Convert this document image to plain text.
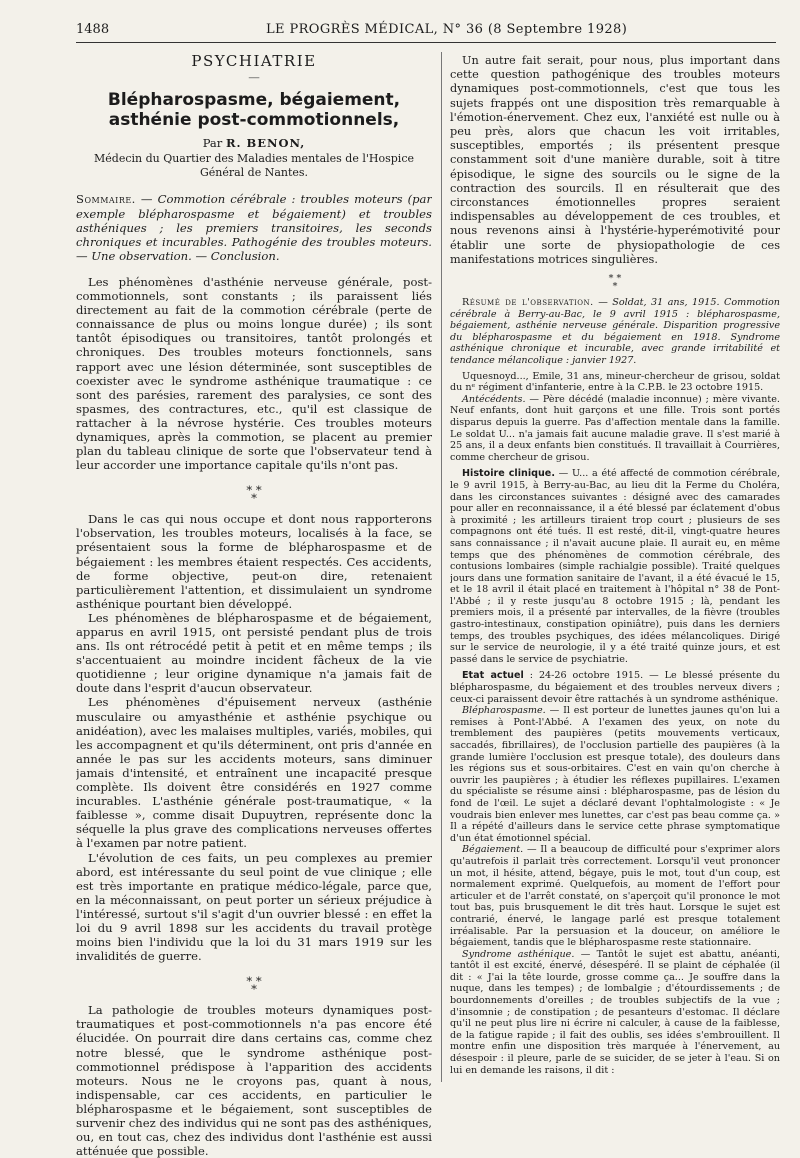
1488	LE PROGRÈS MÉDICAL, N° 36 (8 Septembre 1928)

PSYCHIATRIE

—

Blépharospasme, bégaiement, asthénie post-commotionnels,

Par R. BENON,

Médecin du Quartier des Maladies mentales de l'Hospice Général de Nantes.

Sommaire. — Commotion cérébrale : troubles moteurs (par exemple blépharospasme et bégaiement) et troubles asthéniques ; les premiers transitoires, les seconds chroniques et incurables. Pathogénie des troubles moteurs. — Une observation. — Conclusion.

Les phénomènes d'asthénie nerveuse générale, post-commotionnels, sont constants ; ils paraissent liés directement au fait de la commotion cérébrale (perte de connaissance de plus ou moins longue durée) ; ils sont tantôt épisodiques ou transitoires, tantôt prolongés et chroniques. Des troubles moteurs fonctionnels, sans rapport avec une lésion déterminée, sont susceptibles de coexister avec le syndrome asthénique traumatique : ce sont des parésies, rarement des paralysies, ce sont des spasmes, des contractures, etc., qu'il est classique de rattacher à la névrose hystérie. Ces troubles moteurs dynamiques, après la commotion, se placent au premier plan du tableau clinique de sorte que l'observateur tend à leur accorder une importance capitale qu'ils n'ont pas.

* *
*

Dans le cas qui nous occupe et dont nous rapporterons l'observation, les troubles moteurs, localisés à la face, se présentaient sous la forme de blépharospasme et de bégaiement : les membres étaient respectés. Ces accidents, de forme objective, peut-on dire, retenaient particulièrement l'attention, et dissimulaient un syndrome asthénique pourtant bien développé.

Les phénomènes de blépharospasme et de bégaiement, apparus en avril 1915, ont persisté pendant plus de trois ans. Ils ont rétrocédé petit à petit et en même temps ; ils s'accentuaient au moindre incident fâcheux de la vie quotidienne ; leur origine dynamique n'a jamais fait de doute dans l'esprit d'aucun observateur.

Les phénomènes d'épuisement nerveux (asthénie musculaire ou amyasthénie et asthénie psychique ou anidéation), avec les malaises multiples, variés, mobiles, qui les accompagnent et qu'ils déterminent, ont pris d'année en année le pas sur les accidents moteurs, sans diminuer jamais d'intensité, et entraînent une incapacité presque complète. Ils doivent être considérés en 1927 comme incurables. L'asthénie générale post-traumatique, « la faiblesse », comme disait Dupuytren, représente donc la séquelle la plus grave des complications nerveuses offertes à l'examen par notre patient.

L'évolution de ces faits, un peu complexes au premier abord, est intéressante du seul point de vue clinique ; elle est très importante en pratique médico-légale, parce que, en la méconnaissant, on peut porter un sérieux préjudice à l'intéressé, surtout s'il s'agit d'un ouvrier blessé : en effet la loi du 9 avril 1898 sur les accidents du travail protège moins bien l'individu que la loi du 31 mars 1919 sur les invalidités de guerre.

* *
*

La pathologie de troubles moteurs dynamiques post-traumatiques et post-commotionnels n'a pas encore été élucidée. On pourrait dire dans certains cas, comme chez notre blessé, que le syndrome asthénique post-commotionnel prédispose à l'apparition des accidents moteurs. Nous ne le croyons pas, quant à nous, indispensable, car ces accidents, en particulier le blépharospasme et le bégaiement, sont susceptibles de survenir chez des individus qui ne sont pas des asthéniques, ou, en tout cas, chez des individus dont l'asthénie est aussi atténuée que possible.

Un autre fait serait, pour nous, plus important dans cette question pathogénique des troubles moteurs dynamiques post-commotionnels, c'est que tous les sujets frappés ont une disposition très remarquable à l'émotion-énervement. Chez eux, l'anxiété est nulle ou à peu près, alors que chacun les voit irritables, susceptibles, emportés ; ils présentent presque constamment soit d'une manière durable, soit à titre épisodique, le signe des sourcils ou le signe de la contraction des sourcils. Il en résulterait que des circonstances émotionnelles propres seraient indispensables au développement de ces troubles, et nous revenons ainsi à l'hystérie-hyperémotivité pour établir une sorte de physiopathologie de ces manifestations motrices singulières.

* *
*

Résumé de l'observation. — Soldat, 31 ans, 1915. Commotion cérébrale à Berry-au-Bac, le 9 avril 1915 : blépharospasme, bégaiement, asthénie nerveuse générale. Disparition progressive du blépharospasme et du bégaiement en 1918. Syndrome asthénique chronique et incurable, avec grande irritabilité et tendance mélancolique : janvier 1927.

Uquesnoyd..., Emile, 31 ans, mineur-chercheur de grisou, soldat du nᵉ régiment d'infanterie, entre à la C.P.B. le 23 octobre 1915.

Antécédents. — Père décédé (maladie inconnue) ; mère vivante. Neuf enfants, dont huit garçons et une fille. Trois sont portés disparus depuis la guerre. Pas d'affection mentale dans la famille. Le soldat U... n'a jamais fait aucune maladie grave. Il s'est marié à 25 ans, il a deux enfants bien constitués. Il travaillait à Courrières, comme chercheur de grisou.

Histoire clinique. — U... a été affecté de commotion cérébrale, le 9 avril 1915, à Berry-au-Bac, au lieu dit la Ferme du Choléra, dans les circonstances suivantes : désigné avec des camarades pour aller en reconnaissance, il a été blessé par éclatement d'obus à proximité ; les artilleurs tiraient trop court ; plusieurs de ses compagnons ont été tués. Il est resté, dit-il, vingt-quatre heures sans connaissance ; il n'avait aucune plaie. Il aurait eu, en même temps que des phénomènes de commotion cérébrale, des contusions lombaires (simple rachialgie possible). Traité quelques jours dans une formation sanitaire de l'avant, il a été évacué le 15, et le 18 avril il était placé en traitement à l'hôpital n° 38 de Pont-l'Abbé ; il y reste jusqu'au 8 octobre 1915 ; là, pendant les premiers mois, il a présenté par intervalles, de la fièvre (troubles gastro-intestinaux, constipation opiniâtre), puis dans les derniers temps, des troubles psychiques, des idées mélancoliques. Dirigé sur le service de neurologie, il y a été traité quinze jours, et est passé dans le service de psychiatrie.

Etat actuel : 24-26 octobre 1915. — Le blessé présente du blépharospasme, du bégaiement et des troubles nerveux divers ; ceux-ci paraissent devoir être rattachés à un syndrome asthénique.

Blépharospasme. — Il est porteur de lunettes jaunes qu'on lui a remises à Pont-l'Abbé. A l'examen des yeux, on note du tremblement des paupières (petits mouvements verticaux, saccadés, fibrillaires), de l'occlusion partielle des paupières (à la grande lumière l'occlusion est presque totale), des douleurs dans les régions sus et sous-orbitaires. C'est en vain qu'on cherche à ouvrir les paupières ; à étudier les réflexes pupillaires. L'examen du spécialiste se résume ainsi : blépharospasme, pas de lésion du fond de l'œil. Le sujet a déclaré devant l'ophtalmologiste : « Je voudrais bien enlever mes lunettes, car c'est pas beau comme ça. » Il a répété d'ailleurs dans le service cette phrase symptomatique d'un état émotionnel spécial.

Bégaiement. — Il a beaucoup de difficulté pour s'exprimer alors qu'autrefois il parlait très correctement. Lorsqu'il veut prononcer un mot, il hésite, attend, bégaye, puis le mot, tout d'un coup, est normalement exprimé. Quelquefois, au moment de l'effort pour articuler et de l'arrêt constaté, on s'aperçoit qu'il prononce le mot tout bas, puis brusquement le dit très haut. Lorsque le sujet est contrarié, énervé, le langage parlé est presque totalement irréalisable. Par la persuasion et la douceur, on améliore le bégaiement, tandis que le blépharospasme reste stationnaire.

Syndrome asthénique. — Tantôt le sujet est abattu, anéanti, tantôt il est excité, énervé, désespéré. Il se plaint de céphalée (il dit : « J'ai la tête lourde, grosse comme ça... Je souffre dans la nuque, dans les tempes) ; de lombalgie ; d'étourdissements ; de bourdonnements d'oreilles ; de troubles subjectifs de la vue ; d'insomnie ; de constipation ; de pesanteurs d'estomac. Il déclare qu'il ne peut plus lire ni écrire ni calculer, à cause de la faiblesse, de la fatigue rapide ; il fait des oublis, ses idées s'embrouillent. Il montre enfin une disposition très marquée à l'énervement, au désespoir : il pleure, parle de se suicider, de se jeter à l'eau. Si on lui en demande les raisons, il dit :
